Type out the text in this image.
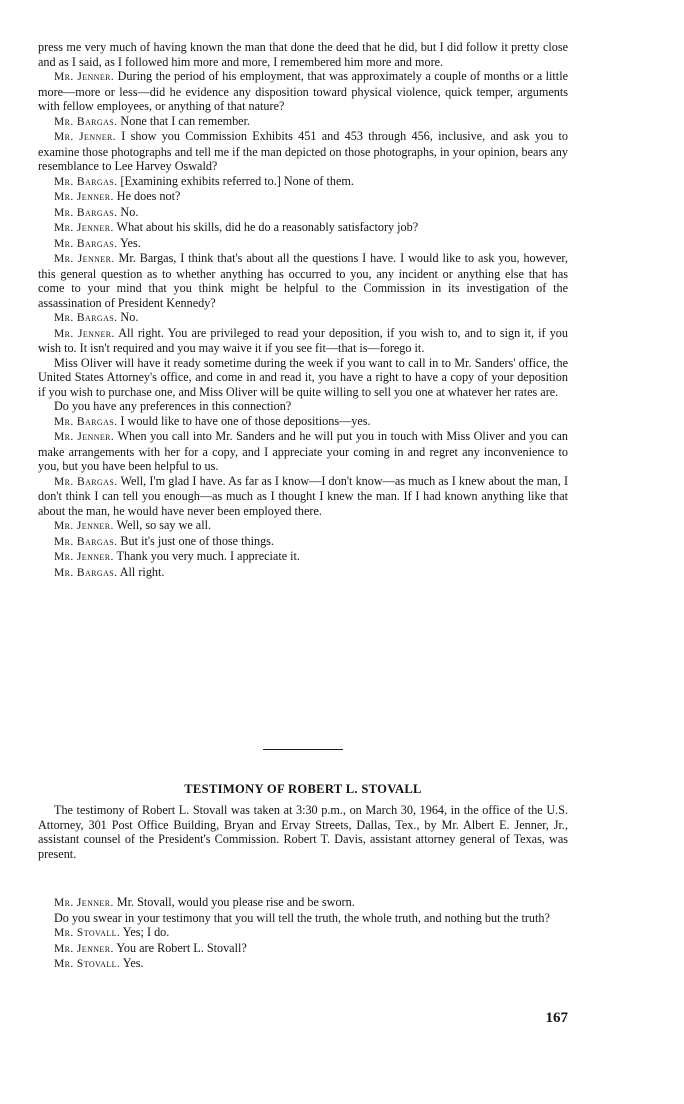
press me very much of having known the man that done the deed that he did, but I did follow it pretty close and as I said, as I followed him more and more, I remembered him more and more.

Mr. Jenner. During the period of his employment, that was approximately a couple of months or a little more—more or less—did he evidence any disposition toward physical violence, quick temper, arguments with fellow employees, or anything of that nature?

Mr. Bargas. None that I can remember.

Mr. Jenner. I show you Commission Exhibits 451 and 453 through 456, inclusive, and ask you to examine those photographs and tell me if the man depicted on those photographs, in your opinion, bears any resemblance to Lee Harvey Oswald?

Mr. Bargas. [Examining exhibits referred to.] None of them.

Mr. Jenner. He does not?

Mr. Bargas. No.

Mr. Jenner. What about his skills, did he do a reasonably satisfactory job?

Mr. Bargas. Yes.

Mr. Jenner. Mr. Bargas, I think that's about all the questions I have. I would like to ask you, however, this general question as to whether anything has occurred to you, any incident or anything else that has come to your mind that you think might be helpful to the Commission in its investigation of the assassination of President Kennedy?

Mr. Bargas. No.

Mr. Jenner. All right. You are privileged to read your deposition, if you wish to, and to sign it, if you wish to. It isn't required and you may waive it if you see fit—that is—forego it.

Miss Oliver will have it ready sometime during the week if you want to call in to Mr. Sanders' office, the United States Attorney's office, and come in and read it, you have a right to have a copy of your deposition if you wish to purchase one, and Miss Oliver will be quite willing to sell you one at whatever her rates are.

Do you have any preferences in this connection?

Mr. Bargas. I would like to have one of those depositions—yes.

Mr. Jenner. When you call into Mr. Sanders and he will put you in touch with Miss Oliver and you can make arrangements with her for a copy, and I appreciate your coming in and regret any inconvenience to you, but you have been helpful to us.

Mr. Bargas. Well, I'm glad I have. As far as I know—I don't know—as much as I knew about the man, I don't think I can tell you enough—as much as I thought I knew the man. If I had known anything like that about the man, he would have never been employed there.

Mr. Jenner. Well, so say we all.

Mr. Bargas. But it's just one of those things.

Mr. Jenner. Thank you very much. I appreciate it.

Mr. Bargas. All right.

TESTIMONY OF ROBERT L. STOVALL

The testimony of Robert L. Stovall was taken at 3:30 p.m., on March 30, 1964, in the office of the U.S. Attorney, 301 Post Office Building, Bryan and Ervay Streets, Dallas, Tex., by Mr. Albert E. Jenner, Jr., assistant counsel of the President's Commission. Robert T. Davis, assistant attorney general of Texas, was present.

Mr. Jenner. Mr. Stovall, would you please rise and be sworn.

Do you swear in your testimony that you will tell the truth, the whole truth, and nothing but the truth?

Mr. Stovall. Yes; I do.

Mr. Jenner. You are Robert L. Stovall?

Mr. Stovall. Yes.

167
